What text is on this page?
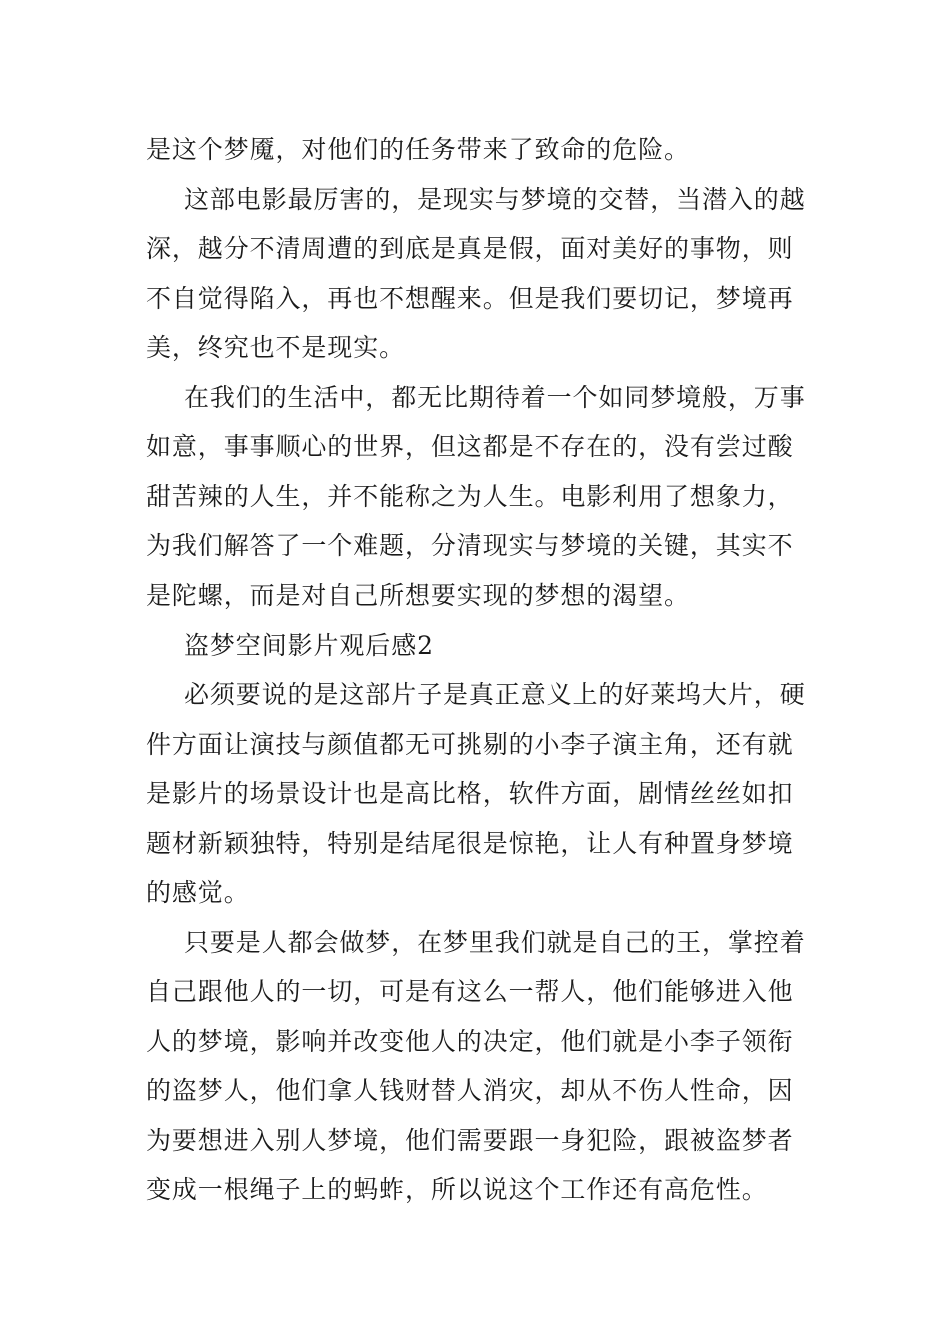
是这个梦魇，对他们的任务带来了致命的危险。

这部电影最厉害的，是现实与梦境的交替，当潜入的越

深，越分不清周遭的到底是真是假，面对美好的事物，则

不自觉得陷入，再也不想醒来。但是我们要切记，梦境再

美，终究也不是现实。

在我们的生活中，都无比期待着一个如同梦境般，万事

如意，事事顺心的世界，但这都是不存在的，没有尝过酸

甜苦辣的人生，并不能称之为人生。电影利用了想象力，

为我们解答了一个难题，分清现实与梦境的关键，其实不

是陀螺，而是对自己所想要实现的梦想的渴望。

盗梦空间影片观后感2

必须要说的是这部片子是真正意义上的好莱坞大片，硬

件方面让演技与颜值都无可挑剔的小李子演主角，还有就

是影片的场景设计也是高比格，软件方面，剧情丝丝如扣

题材新颖独特，特别是结尾很是惊艳，让人有种置身梦境

的感觉。

只要是人都会做梦，在梦里我们就是自己的王，掌控着

自己跟他人的一切，可是有这么一帮人，他们能够进入他

人的梦境，影响并改变他人的决定，他们就是小李子领衔

的盗梦人，他们拿人钱财替人消灾，却从不伤人性命，因

为要想进入别人梦境，他们需要跟一身犯险，跟被盗梦者

变成一根绳子上的蚂蚱，所以说这个工作还有高危性。
